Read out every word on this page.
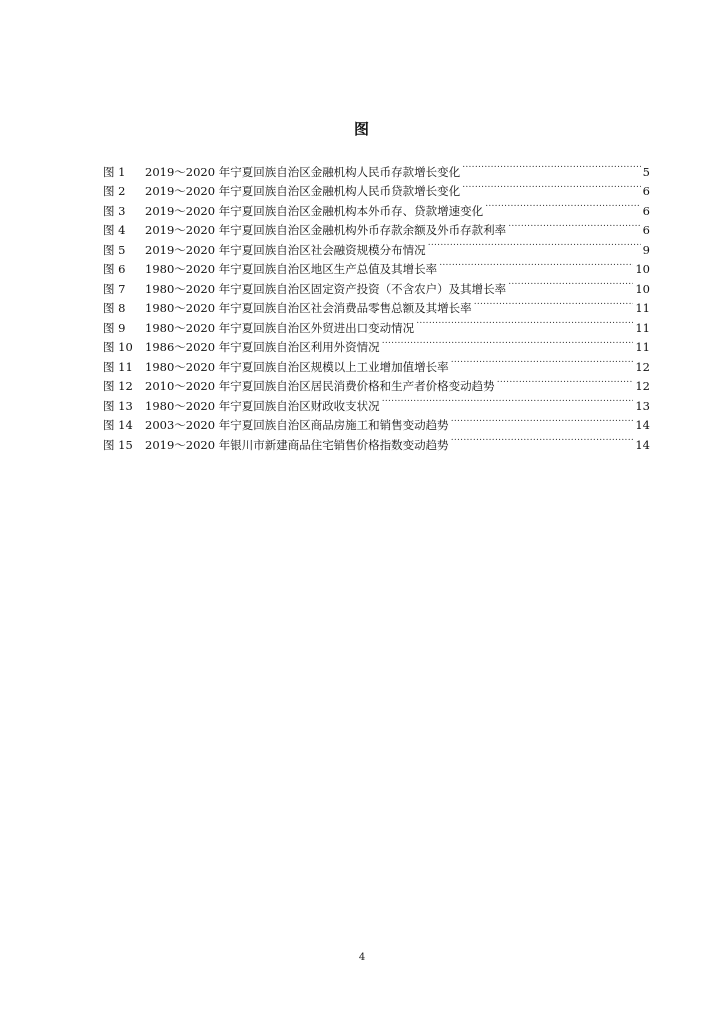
图
图 1	2019～2020 年宁夏回族自治区金融机构人民币存款增长变化 .....	5
图 2	2019～2020 年宁夏回族自治区金融机构人民币贷款增长变化 .....	6
图 3	2019～2020 年宁夏回族自治区金融机构本外币存、贷款增速变化 .....	6
图 4	2019～2020 年宁夏回族自治区金融机构外币存款余额及外币存款利率 .....	6
图 5	2019～2020 年宁夏回族自治区社会融资规模分布情况 .....	9
图 6	1980～2020 年宁夏回族自治区地区生产总值及其增长率 .....	10
图 7	1980～2020 年宁夏回族自治区固定资产投资（不含农户）及其增长率 .....	10
图 8	1980～2020 年宁夏回族自治区社会消费品零售总额及其增长率 .....	11
图 9	1980～2020 年宁夏回族自治区外贸进出口变动情况 .....	11
图 10	1986～2020 年宁夏回族自治区利用外资情况 .....	11
图 11	1980～2020 年宁夏回族自治区规模以上工业增加值增长率 .....	12
图 12	2010～2020 年宁夏回族自治区居民消费价格和生产者价格变动趋势 .....	12
图 13	1980～2020 年宁夏回族自治区财政收支状况 .....	13
图 14	2003～2020 年宁夏回族自治区商品房施工和销售变动趋势 .....	14
图 15	2019～2020 年银川市新建商品住宅销售价格指数变动趋势 .....	14
4
